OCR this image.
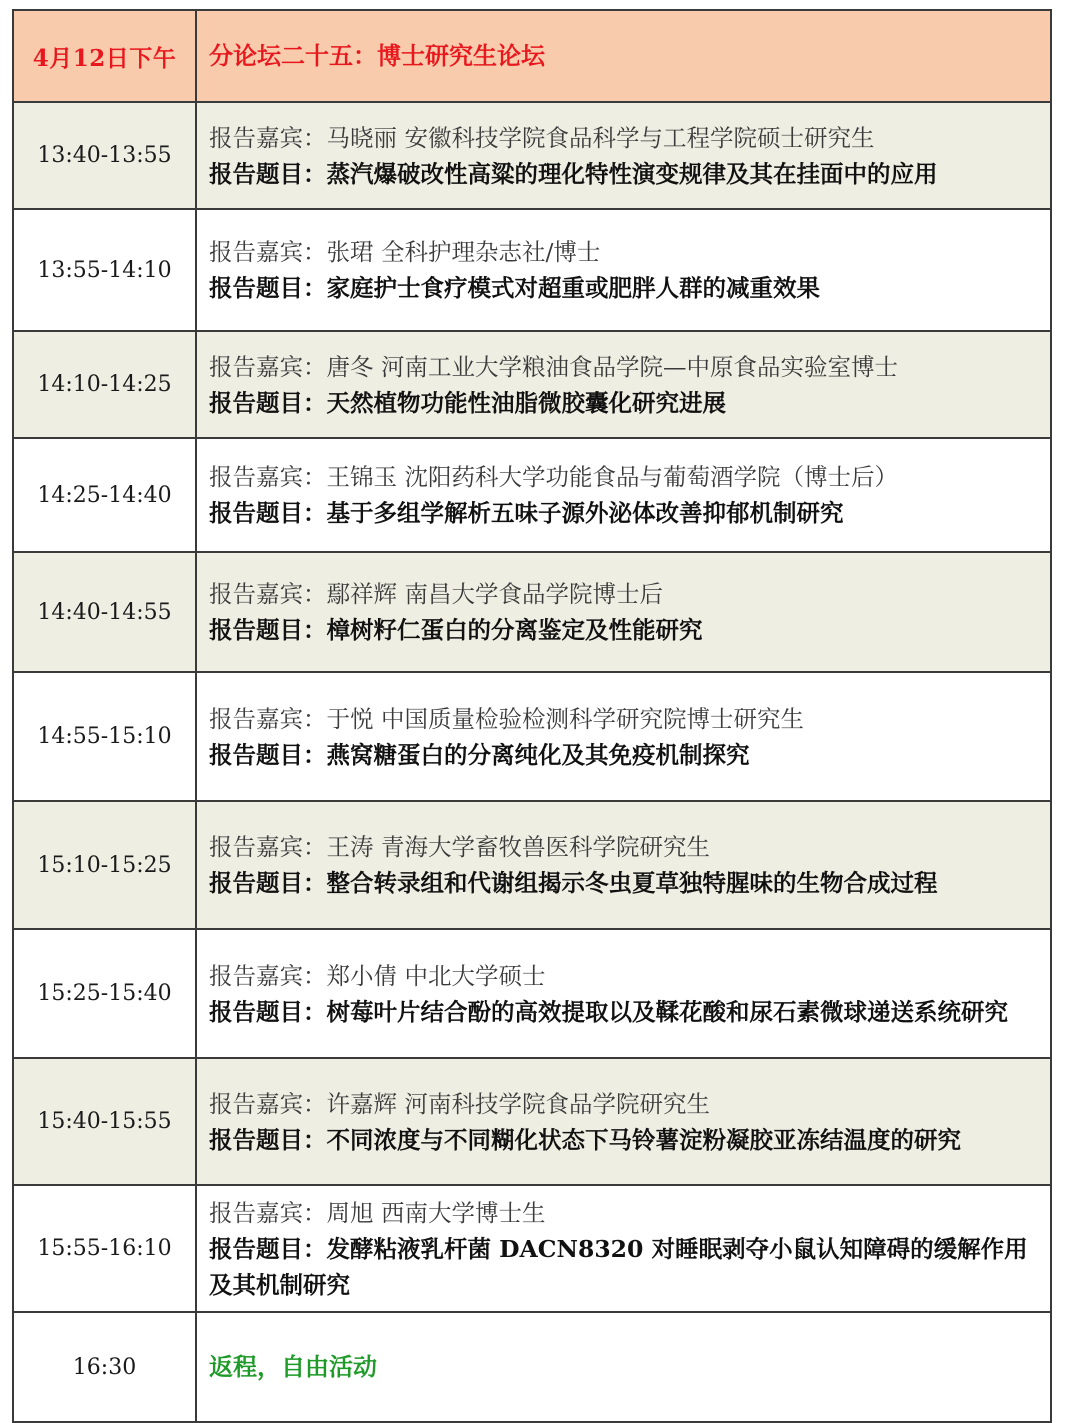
4月12日下午	分论坛二十五：博士研究生论坛
13:40-13:55	报告嘉宾：马晓丽 安徽科技学院食品科学与工程学院硕士研究生
报告题目：蒸汽爆破改性高粱的理化特性演变规律及其在挂面中的应用

13:55-14:10	报告嘉宾：张珺 全科护理杂志社/博士
报告题目：家庭护士食疗模式对超重或肥胖人群的减重效果

14:10-14:25	报告嘉宾：唐冬 河南工业大学粮油食品学院—中原食品实验室博士
报告题目：天然植物功能性油脂微胶囊化研究进展

14:25-14:40	报告嘉宾：王锦玉 沈阳药科大学功能食品与葡萄酒学院（博士后）
报告题目：基于多组学解析五味子源外泌体改善抑郁机制研究

14:40-14:55	报告嘉宾：鄢祥辉 南昌大学食品学院博士后
报告题目：樟树籽仁蛋白的分离鉴定及性能研究

14:55-15:10	报告嘉宾：于悦 中国质量检验检测科学研究院博士研究生
报告题目：燕窝糖蛋白的分离纯化及其免疫机制探究

15:10-15:25	报告嘉宾：王涛 青海大学畜牧兽医科学院研究生
报告题目：整合转录组和代谢组揭示冬虫夏草独特腥味的生物合成过程

15:25-15:40	报告嘉宾：郑小倩 中北大学硕士
报告题目：树莓叶片结合酚的高效提取以及鞣花酸和尿石素微球递送系统研究

15:40-15:55	报告嘉宾：许嘉辉 河南科技学院食品学院研究生
报告题目：不同浓度与不同糊化状态下马铃薯淀粉凝胶亚冻结温度的研究

15:55-16:10	报告嘉宾：周旭 西南大学博士生
报告题目：发酵粘液乳杆菌 DACN8320 对睡眠剥夺小鼠认知障碍的缓解作用及其机制研究

16:30	返程，自由活动
